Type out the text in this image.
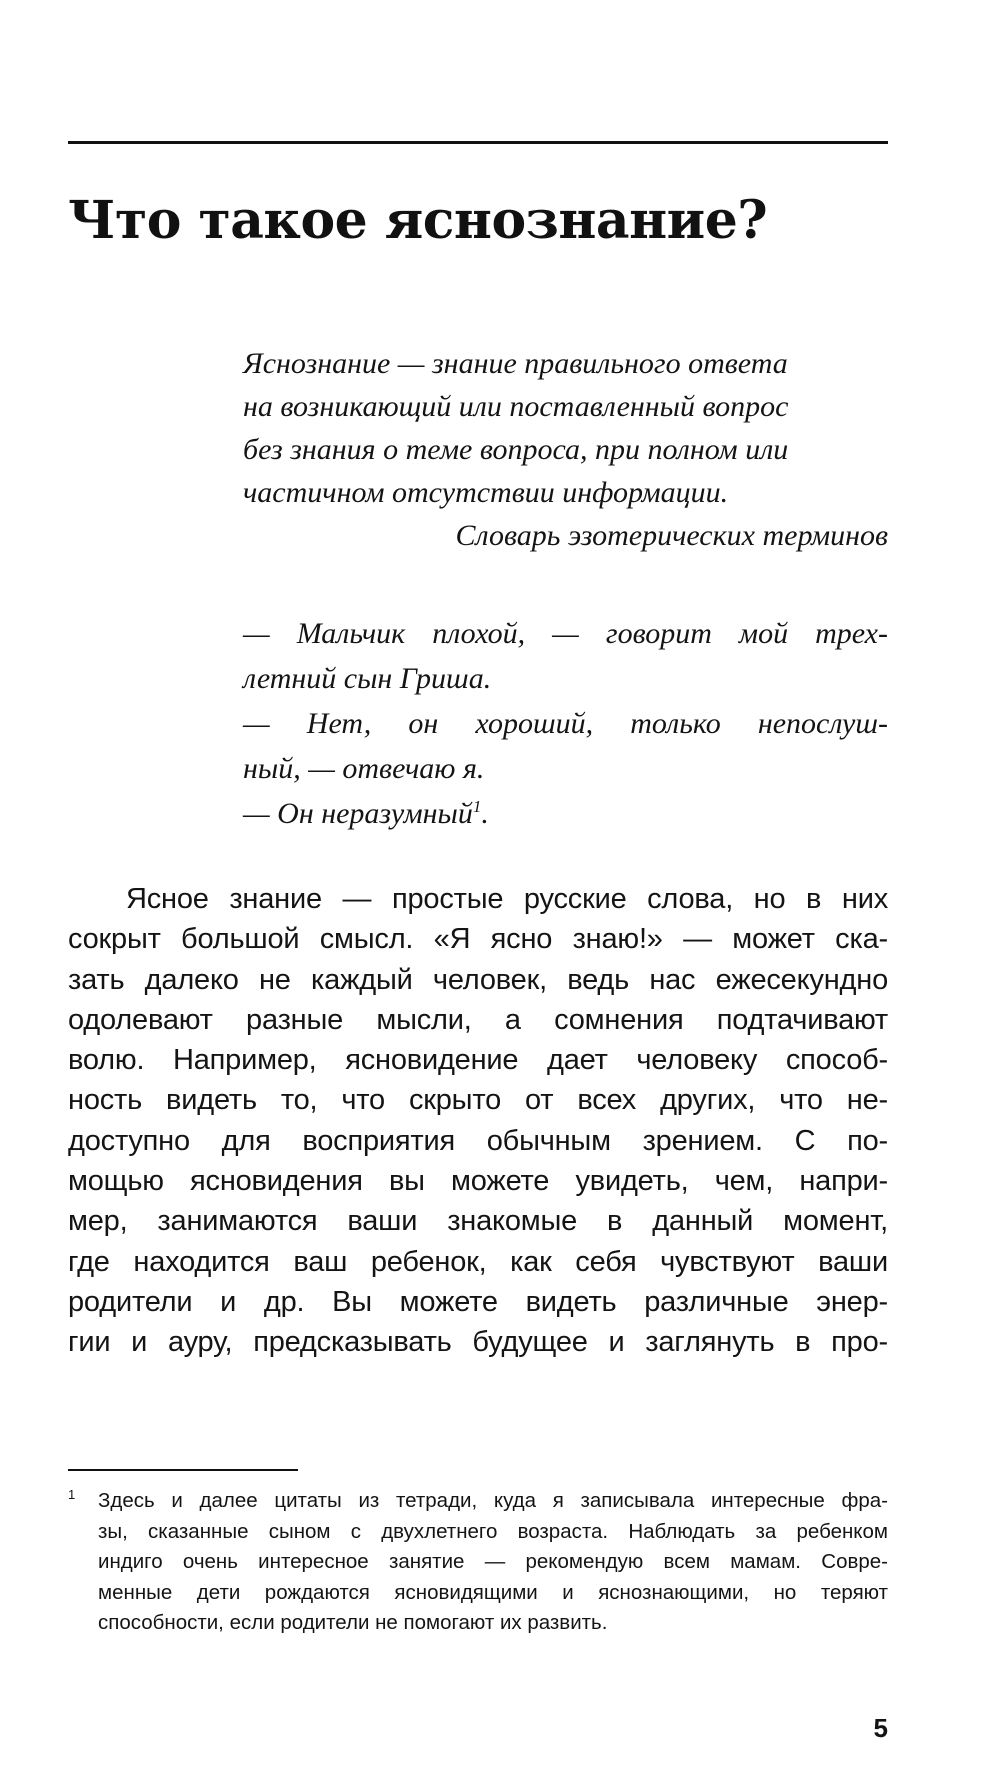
Что такое яснознание?
Яснознание — знание правильного ответа
на возникающий или поставленный вопрос
без знания о теме вопроса, при полном или
частичном отсутствии информации.
Словарь эзотерических терминов
— Мальчик плохой, — говорит мой трех-
летний сын Гриша.
— Нет, он хороший, только непослуш-
ный, — отвечаю я.
— Он неразумный$^1$.
Ясное знание — простые русские слова, но в них
сокрыт большой смысл. «Я ясно знаю!» — может ска-
зать далеко не каждый человек, ведь нас ежесекундно
одолевают разные мысли, а сомнения подтачивают
волю. Например, ясновидение дает человеку способ-
ность видеть то, что скрыто от всех других, что не-
доступно для восприятия обычным зрением. С по-
мощью ясновидения вы можете увидеть, чем, напри-
мер, занимаются ваши знакомые в данный момент,
где находится ваш ребенок, как себя чувствуют ваши
родители и др. Вы можете видеть различные энер-
гии и ауру, предсказывать будущее и заглянуть в про-
1 Здесь и далее цитаты из тетради, куда я записывала интересные фра-
зы, сказанные сыном с двухлетнего возраста. Наблюдать за ребенком
индиго очень интересное занятие — рекомендую всем мамам. Совре-
менные дети рождаются ясновидящими и яснознающими, но теряют
способности, если родители не помогают их развить.
5
